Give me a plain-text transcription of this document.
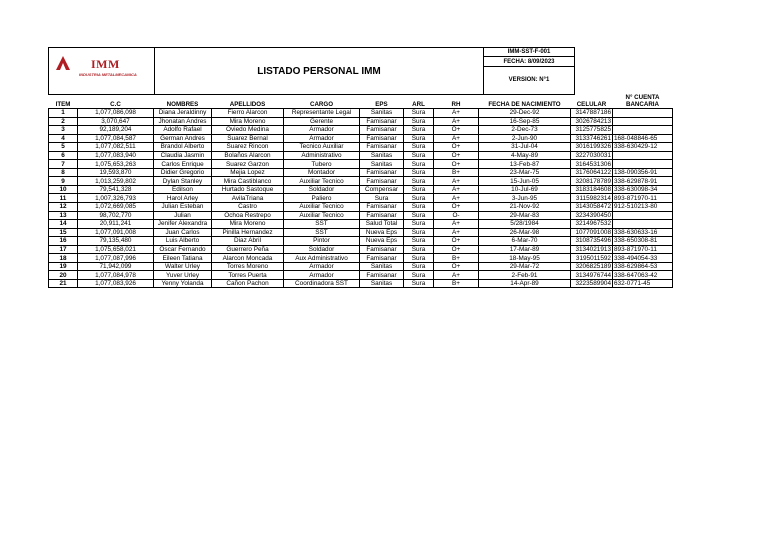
IMM
INDUSTRIA METALMECANICA	LISTADO PERSONAL IMM	IMM-SST-F-001
FECHA: 8/09/2023
VERSION: N°1
ITEM	C.C	NOMBRES	APELLIDOS	CARGO	EPS	ARL	RH	FECHA DE NACIMIENTO	CELULAR	N° CUENTA BANCARIA
1	1,077,086,098	Diana Jeraldinny	Fierro Alarcon	Representante Legal	Sanitas	Sura	A+	29-Dec-92	3147887186	
2	3,070,647	Jhonatan Andres	Mira Moreno	Gerente	Famisanar	Sura	A+	16-Sep-85	3026784213	
3	92,189,204	Adolfo Rafael	Oviedo Medina	Armador	Famisanar	Sura	O+	2-Dec-73	3125775825	
4	1,077,084,587	German Andres	Suarez Bernal	Armador	Famisanar	Sura	A+	2-Jun-90	3133746261	168-048846-65
5	1,077,082,511	Brandol Alberto	Suarez Rincon	Tecnico Auxiliar	Famisanar	Sura	O+	31-Jul-04	3016199326	338-630429-12
6	1,077,083,940	Claudia Jasmin	Bolaños Alarcon	Administrativo	Sanitas	Sura	O+	4-May-89	3227030031	
7	1,075,653,263	Carlos Enrique	Suarez Garzon	Tubero	Sanitas	Sura	O+	13-Feb-87	3164531306	
8	19,593,870	Didier Gregorio	Mejia Lopez	Montador	Famisanar	Sura	B+	23-Mar-75	3176064122	138-090356-91
9	1,013,259,802	Dylan Stanley	Mira Castiblanco	Auxiliar Tecnico	Famisanar	Sura	A+	15-Jun-05	3208178789	338-629878-91
10	79,541,328	Edilson	Hurtado Sastoque	Soldador	Compensar	Sura	A+	10-Jul-69	3183184608	338-630098-34
11	1,007,326,793	Harol Arley	AvilaTriana	Paliero	Sura	Sura	A+	3-Jun-95	3115982314	893-871970-11
12	1,072,669,085	Julian Esteban	Castro	Auxiliar Tecnico	Famisanar	Sura	O+	21-Nov-92	3143058472	912-510213-80
13	98,702,770	Julian	Ochoa Restrepo	Auxiliar Tecnico	Famisanar	Sura	O-	29-Mar-83	3234390450	
14	20,911,241	Jenifer Alexandra	Mira Moreno	SST	Salud Total	Sura	A+	5/28/1984	3214967532	
15	1,077,091,008	Juan Carlos	Pinilla Hernandez	SST	Nueva Eps	Sura	A+	26-Mar-98	1077091008	338-630633-16
16	79,135,480	Luis Alberto	Diaz Abril	Pintor	Nueva Eps	Sura	O+	6-Mar-70	3108735496	338-650308-81
17	1,075,658,021	Oscar Fernando	Guerrero Peña	Soldador	Famisanar	Sura	O+	17-Mar-89	3134021913	893-871970-11
18	1,077,087,996	Eileen Tatiana	Alarcon Moncada	Aux Administrativo	Famisanar	Sura	B+	18-May-95	3195011592	338-494054-33
19	71,942,099	Walter Urley	Torres Moreno	Armador	Sanitas	Sura	O+	29-Mar-72	3206825189	338-629864-53
20	1,077,084,978	Yuver Urley	Torres Puerta	Armador	Famisanar	Sura	A+	2-Feb-91	3134976744	338-647063-42
21	1,077,083,926	Yenny Yolanda	Cañon Pachon	Coordinadora SST	Sanitas	Sura	B+	14-Apr-89	3223589904	632-0771-45
